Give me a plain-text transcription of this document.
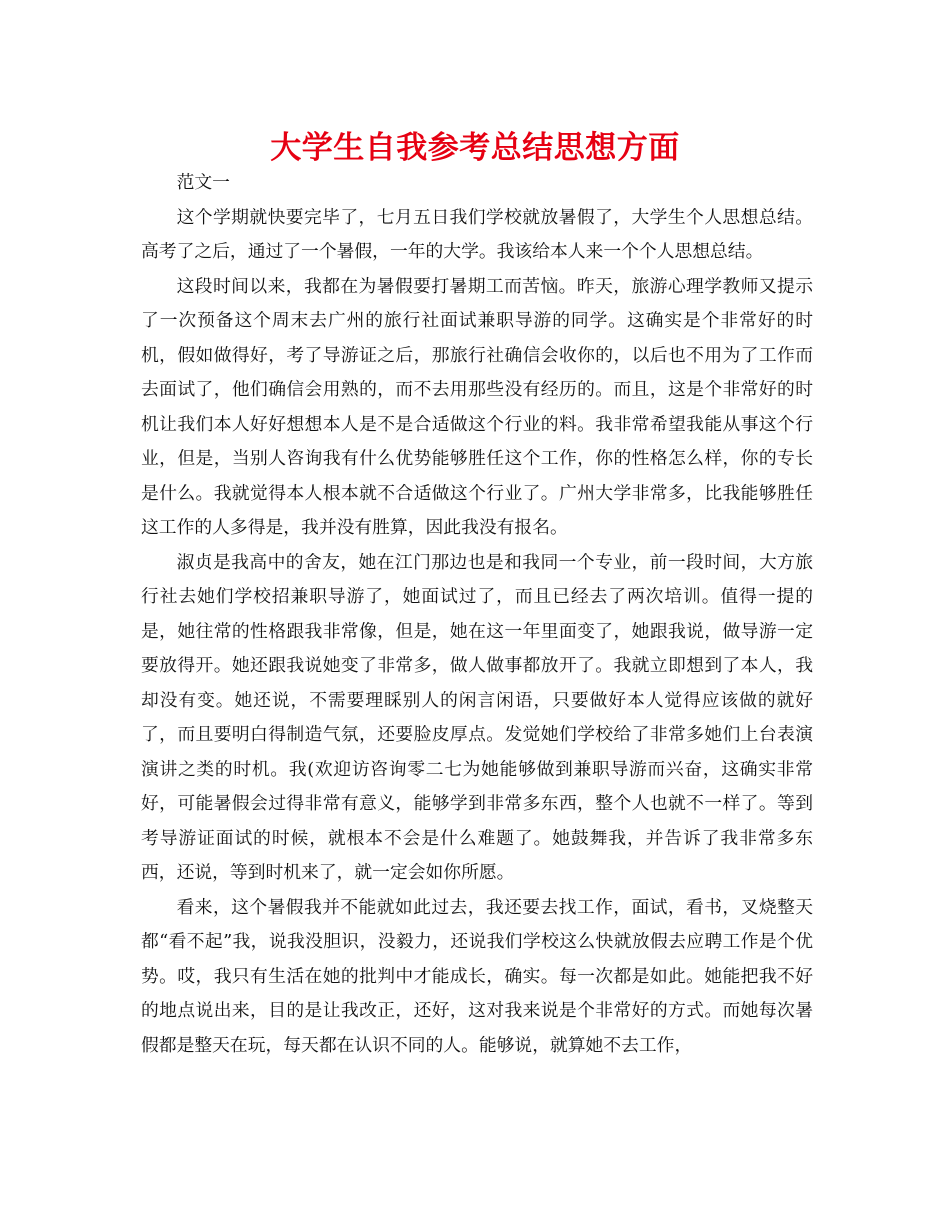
大学生自我参考总结思想方面

范文一

这个学期就快要完毕了，七月五日我们学校就放暑假了，大学生个人思想总结。高考了之后，通过了一个暑假，一年的大学。我该给本人来一个个人思想总结。

这段时间以来，我都在为暑假要打暑期工而苦恼。昨天，旅游心理学教师又提示了一次预备这个周末去广州的旅行社面试兼职导游的同学。这确实是个非常好的时机，假如做得好，考了导游证之后，那旅行社确信会收你的，以后也不用为了工作而去面试了，他们确信会用熟的，而不去用那些没有经历的。而且，这是个非常好的时机让我们本人好好想想本人是不是合适做这个行业的料。我非常希望我能从事这个行业，但是，当别人咨询我有什么优势能够胜任这个工作，你的性格怎么样，你的专长是什么。我就觉得本人根本就不合适做这个行业了。广州大学非常多，比我能够胜任这工作的人多得是，我并没有胜算，因此我没有报名。

淑贞是我高中的舍友，她在江门那边也是和我同一个专业，前一段时间，大方旅行社去她们学校招兼职导游了，她面试过了，而且已经去了两次培训。值得一提的是，她往常的性格跟我非常像，但是，她在这一年里面变了，她跟我说，做导游一定要放得开。她还跟我说她变了非常多，做人做事都放开了。我就立即想到了本人，我却没有变。她还说，不需要理睬别人的闲言闲语，只要做好本人觉得应该做的就好了，而且要明白得制造气氛，还要脸皮厚点。发觉她们学校给了非常多她们上台表演演讲之类的时机。我(欢迎访咨询零二七为她能够做到兼职导游而兴奋，这确实非常好，可能暑假会过得非常有意义，能够学到非常多东西，整个人也就不一样了。等到考导游证面试的时候，就根本不会是什么难题了。她鼓舞我，并告诉了我非常多东西，还说，等到时机来了，就一定会如你所愿。

看来，这个暑假我并不能就如此过去，我还要去找工作，面试，看书，叉烧整天都“看不起”我，说我没胆识，没毅力，还说我们学校这么快就放假去应聘工作是个优势。哎，我只有生活在她的批判中才能成长，确实。每一次都是如此。她能把我不好的地点说出来，目的是让我改正，还好，这对我来说是个非常好的方式。而她每次暑假都是整天在玩，每天都在认识不同的人。能够说，就算她不去工作，
